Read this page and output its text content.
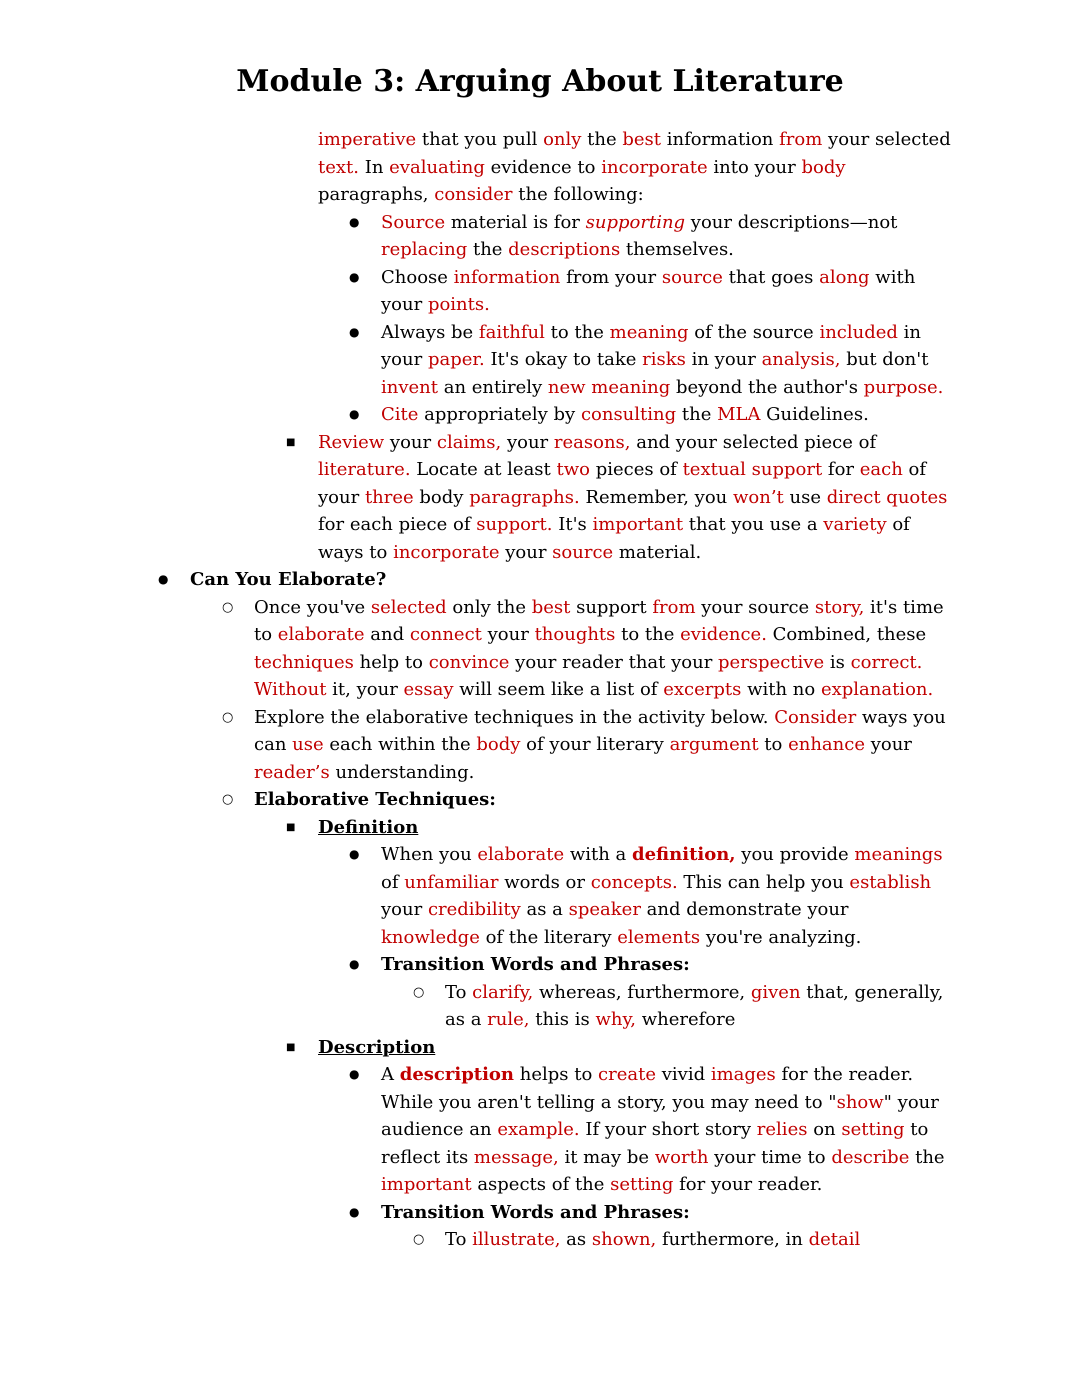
Module 3: Arguing About Literature
imperative that you pull only the best information from your selected text. In evaluating evidence to incorporate into your body paragraphs, consider the following:
●	Source material is for supporting your descriptions—not replacing the descriptions themselves.
●	Choose information from your source that goes along with your points.
●	Always be faithful to the meaning of the source included in your paper. It's okay to take risks in your analysis, but don't invent an entirely new meaning beyond the author's purpose.
●	Cite appropriately by consulting the MLA Guidelines.
■	Review your claims, your reasons, and your selected piece of literature. Locate at least two pieces of textual support for each of your three body paragraphs. Remember, you won’t use direct quotes for each piece of support. It's important that you use a variety of ways to incorporate your source material.
●	Can You Elaborate?
○	Once you've selected only the best support from your source story, it's time to elaborate and connect your thoughts to the evidence. Combined, these techniques help to convince your reader that your perspective is correct. Without it, your essay will seem like a list of excerpts with no explanation.
○	Explore the elaborative techniques in the activity below. Consider ways you can use each within the body of your literary argument to enhance your reader’s understanding.
○	Elaborative Techniques:
■	Definition
●	When you elaborate with a definition, you provide meanings of unfamiliar words or concepts. This can help you establish your credibility as a speaker and demonstrate your knowledge of the literary elements you're analyzing.
●	Transition Words and Phrases:
○	To clarify, whereas, furthermore, given that, generally, as a rule, this is why, wherefore
■	Description
●	A description helps to create vivid images for the reader. While you aren't telling a story, you may need to "show" your audience an example. If your short story relies on setting to reflect its message, it may be worth your time to describe the important aspects of the setting for your reader.
●	Transition Words and Phrases:
○	To illustrate, as shown, furthermore, in detail
